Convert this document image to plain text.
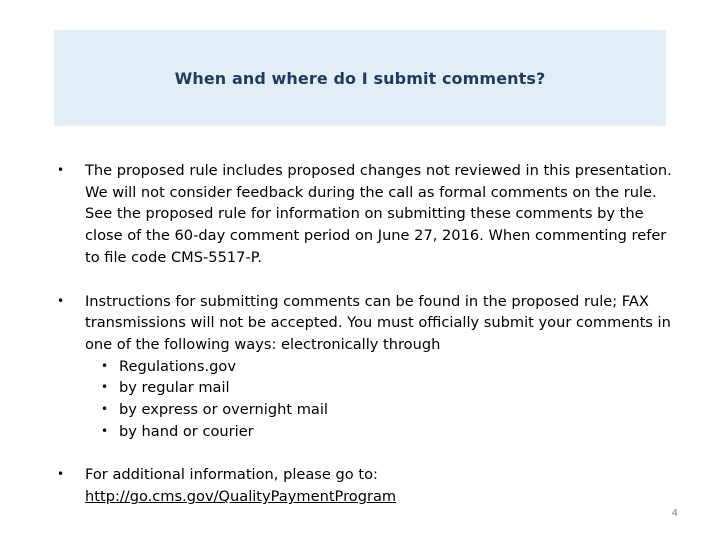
When and where do I submit comments?
• The proposed rule includes proposed changes not reviewed in this presentation. We will not consider feedback during the call as formal comments on the rule. See the proposed rule for information on submitting these comments by the close of the 60-day comment period on June 27, 2016. When commenting refer to file code CMS-5517-P.
• Instructions for submitting comments can be found in the proposed rule; FAX transmissions will not be accepted. You must officially submit your comments in one of the following ways: electronically through
• Regulations.gov
• by regular mail
• by express or overnight mail
• by hand or courier
• For additional information, please go to:
http://go.cms.gov/QualityPaymentProgram
4
